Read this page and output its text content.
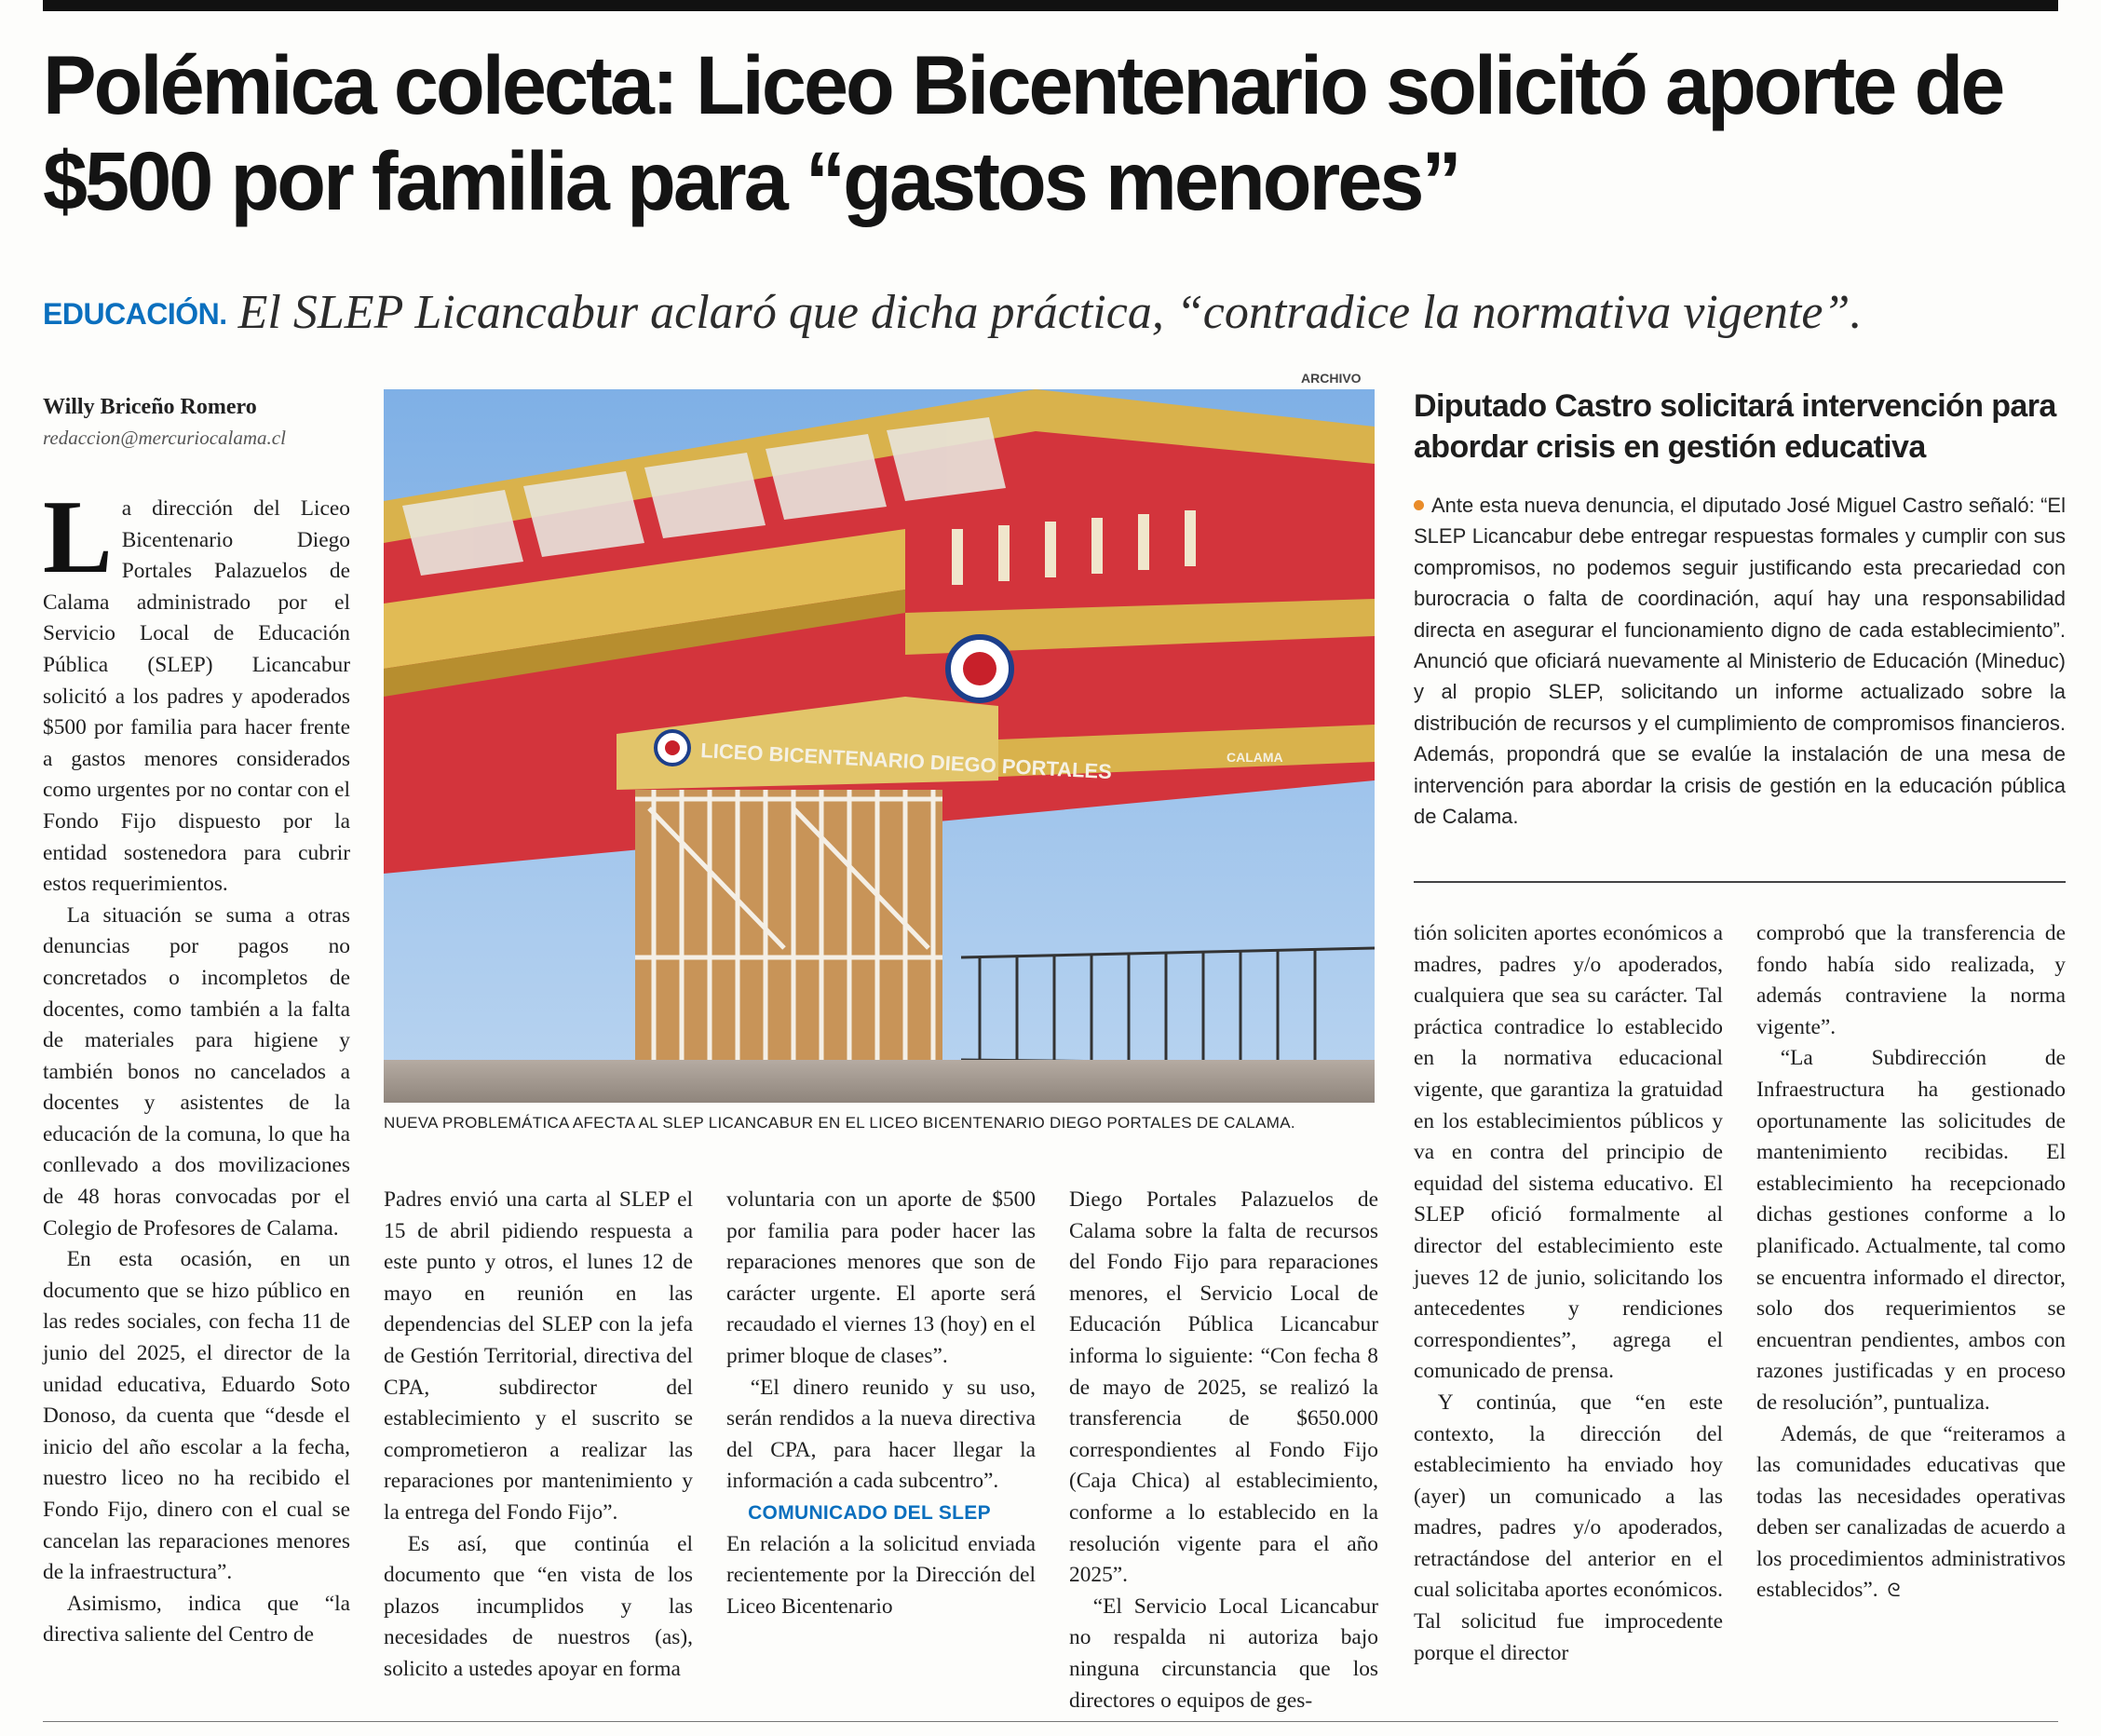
Polémica colecta: Liceo Bicentenario solicitó aporte de $500 por familia para “gastos menores”
EDUCACIÓN. El SLEP Licancabur aclaró que dicha práctica, “contradice la normativa vigente”.
Willy Briceño Romero
redaccion@mercuriocalama.cl

La dirección del Liceo Bicentenario Diego Portales Palazuelos de Calama administrado por el Servicio Local de Educación Pública (SLEP) Licancabur solicitó a los padres y apoderados $500 por familia para hacer frente a gastos menores considerados como urgentes por no contar con el Fondo Fijo dispuesto por la entidad sostenedora para cubrir estos requerimientos.

La situación se suma a otras denuncias por pagos no concretados o incompletos de docentes, como también a la falta de materiales para higiene y también bonos no cancelados a docentes y asistentes de la educación de la comuna, lo que ha conllevado a dos movilizaciones de 48 horas convocadas por el Colegio de Profesores de Calama.

En esta ocasión, en un documento que se hizo público en las redes sociales, con fecha 11 de junio del 2025, el director de la unidad educativa, Eduardo Soto Donoso, da cuenta que “desde el inicio del año escolar a la fecha, nuestro liceo no ha recibido el Fondo Fijo, dinero con el cual se cancelan las reparaciones menores de la infraestructura”.

Asimismo, indica que “la directiva saliente del Centro de

ARCHIVO
LICEO BICENTENARIO DIEGO PORTALES	CALAMA
NUEVA PROBLEMÁTICA AFECTA AL SLEP LICANCABUR EN EL LICEO BICENTENARIO DIEGO PORTALES DE CALAMA.

Padres envió una carta al SLEP el 15 de abril pidiendo respuesta a este punto y otros, el lunes 12 de mayo en reunión en las dependencias del SLEP con la jefa de Gestión Territorial, directiva del CPA, subdirector del establecimiento y el suscrito se comprometieron a realizar las reparaciones por mantenimiento y la entrega del Fondo Fijo”.

Es así, que continúa el documento que “en vista de los plazos incumplidos y las necesidades de nuestros (as), solicito a ustedes apoyar en forma

voluntaria con un aporte de $500 por familia para poder hacer las reparaciones menores que son de carácter urgente. El aporte será recaudado el viernes 13 (hoy) en el primer bloque de clases”.

“El dinero reunido y su uso, serán rendidos a la nueva directiva del CPA, para hacer llegar la información a cada subcentro”.

COMUNICADO DEL SLEP

En relación a la solicitud enviada recientemente por la Dirección del Liceo Bicentenario

Diego Portales Palazuelos de Calama sobre la falta de recursos del Fondo Fijo para reparaciones menores, el Servicio Local de Educación Pública Licancabur informa lo siguiente: “Con fecha 8 de mayo de 2025, se realizó la transferencia de $650.000 correspondientes al Fondo Fijo (Caja Chica) al establecimiento, conforme a lo establecido en la resolución vigente para el año 2025”.

“El Servicio Local Licancabur no respalda ni autoriza bajo ninguna circunstancia que los directores o equipos de ges-

Diputado Castro solicitará intervención para abordar crisis en gestión educativa

Ante esta nueva denuncia, el diputado José Miguel Castro señaló: “El SLEP Licancabur debe entregar respuestas formales y cumplir con sus compromisos, no podemos seguir justificando esta precariedad con burocracia o falta de coordinación, aquí hay una responsabilidad directa en asegurar el funcionamiento digno de cada establecimiento”. Anunció que oficiará nuevamente al Ministerio de Educación (Mineduc) y al propio SLEP, solicitando un informe actualizado sobre la distribución de recursos y el cumplimiento de compromisos financieros. Además, propondrá que se evalúe la instalación de una mesa de intervención para abordar la crisis de gestión en la educación pública de Calama.

tión soliciten aportes económicos a madres, padres y/o apoderados, cualquiera que sea su carácter. Tal práctica contradice lo establecido en la normativa educacional vigente, que garantiza la gratuidad en los establecimientos públicos y va en contra del principio de equidad del sistema educativo. El SLEP ofició formalmente al director del establecimiento este jueves 12 de junio, solicitando los antecedentes y rendiciones correspondientes”, agrega el comunicado de prensa.

Y continúa, que “en este contexto, la dirección del establecimiento ha enviado hoy (ayer) un comunicado a las madres, padres y/o apoderados, retractándose del anterior en el cual solicitaba aportes económicos. Tal solicitud fue improcedente porque el director

comprobó que la transferencia de fondo había sido realizada, y además contraviene la norma vigente”.

“La Subdirección de Infraestructura ha gestionado oportunamente las solicitudes de mantenimiento recibidas. El establecimiento ha recepcionado dichas gestiones conforme a lo planificado. Actualmente, tal como se encuentra informado el director, solo dos requerimientos se encuentran pendientes, ambos con razones justificadas y en proceso de resolución”, puntualiza.

Además, de que “reiteramos a las comunidades educativas que todas las necesidades operativas deben ser canalizadas de acuerdo a los procedimientos administrativos establecidos”. ᘓ
